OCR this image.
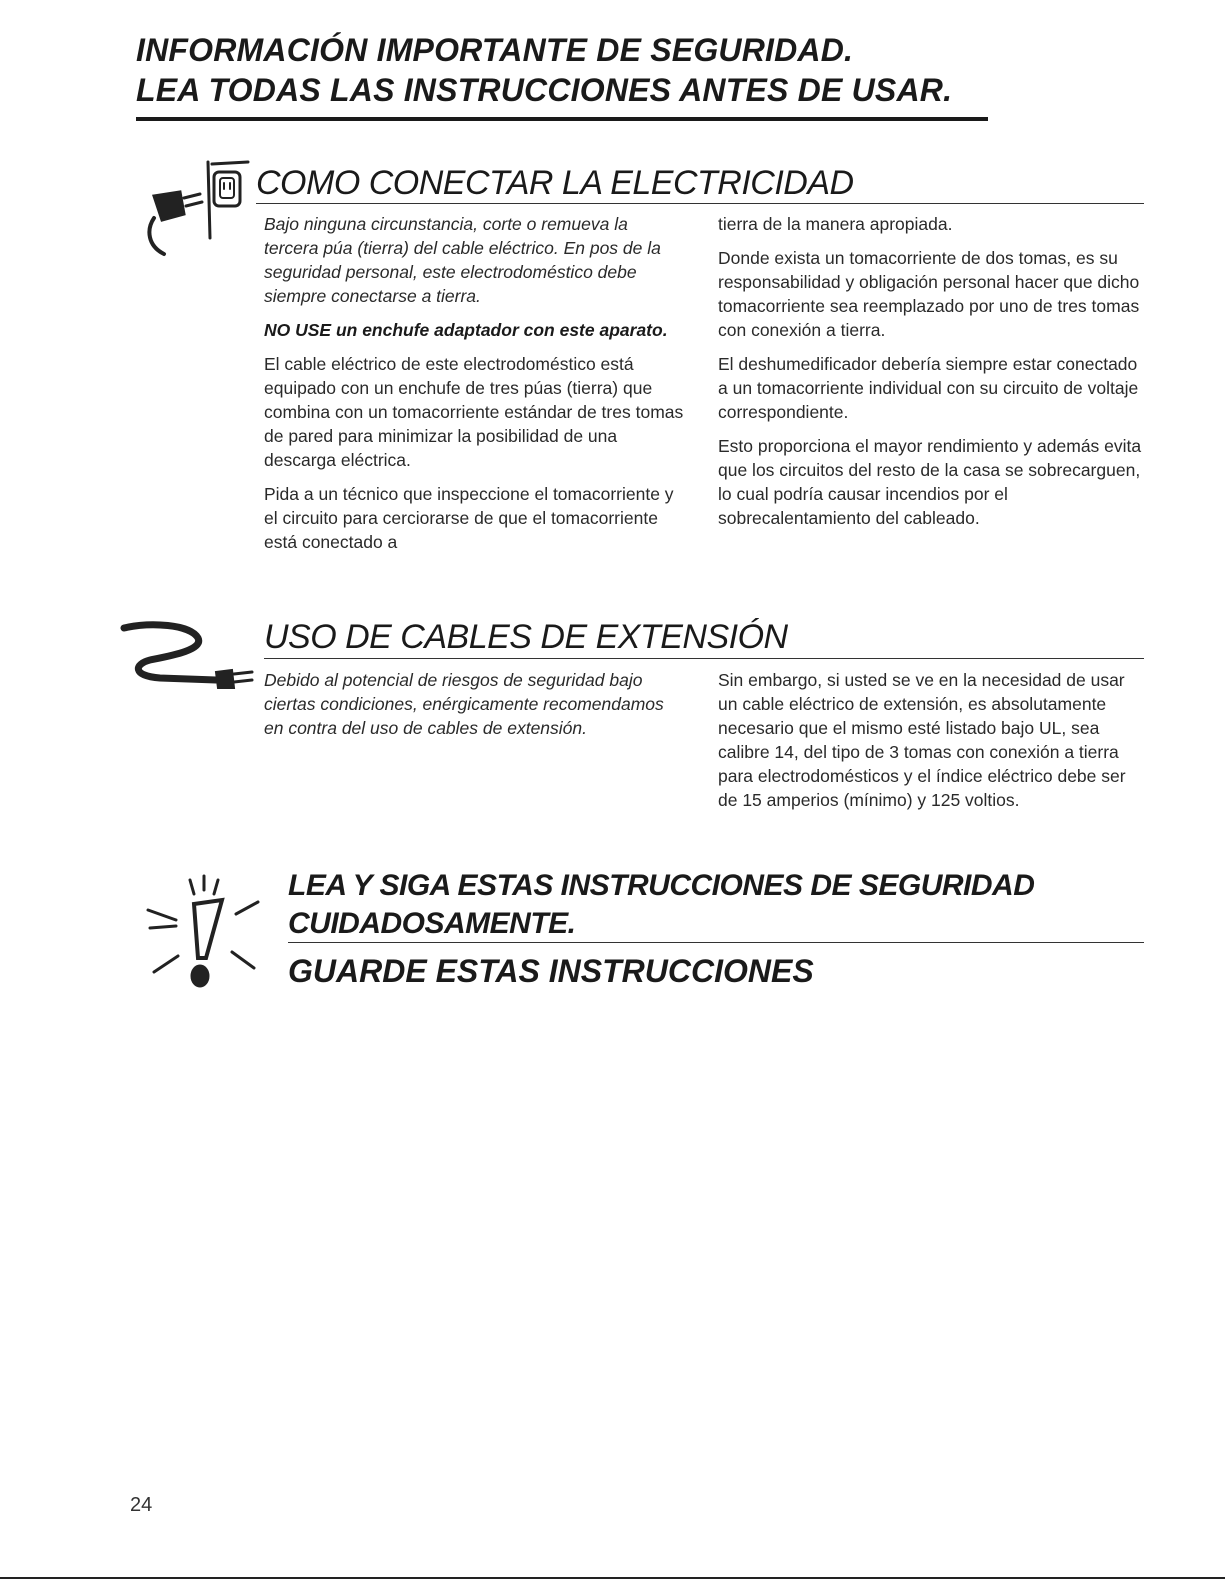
INFORMACIÓN IMPORTANTE DE SEGURIDAD.
LEA TODAS LAS INSTRUCCIONES ANTES DE USAR.
COMO CONECTAR LA ELECTRICIDAD

Bajo ninguna circunstancia, corte o remueva la tercera púa (tierra) del cable eléctrico. En pos de la seguridad personal, este electrodoméstico debe siempre conectarse a tierra.

NO USE un enchufe adaptador con este aparato.

El cable eléctrico de este electrodoméstico está equipado con un enchufe de tres púas (tierra) que combina con un tomacorriente estándar de tres tomas de pared para minimizar la posibilidad de una descarga eléctrica.

Pida a un técnico que inspeccione el tomacorriente y el circuito para cerciorarse de que el tomacorriente está conectado a

tierra de la manera apropiada.

Donde exista un tomacorriente de dos tomas, es su responsabilidad y obligación personal hacer que dicho tomacorriente sea reemplazado por uno de tres tomas con conexión a tierra.

El deshumedificador debería siempre estar conectado a un tomacorriente individual con su circuito de voltaje correspondiente.

Esto proporciona el mayor rendimiento y además evita que los circuitos del resto de la casa se sobrecarguen, lo cual podría causar incendios por el sobrecalentamiento del cableado.

USO DE CABLES DE EXTENSIÓN

Debido al potencial de riesgos de seguridad bajo ciertas condiciones, enérgicamente recomendamos en contra del uso de cables de extensión.

Sin embargo, si usted se ve en la necesidad de usar un cable eléctrico de extensión, es absolutamente necesario que el mismo esté listado bajo UL, sea calibre 14, del tipo de 3 tomas con conexión a tierra para electrodomésticos y el índice eléctrico debe ser de 15 amperios (mínimo) y 125 voltios.

LEA Y SIGA ESTAS INSTRUCCIONES DE SEGURIDAD
CUIDADOSAMENTE.
GUARDE ESTAS INSTRUCCIONES
24
